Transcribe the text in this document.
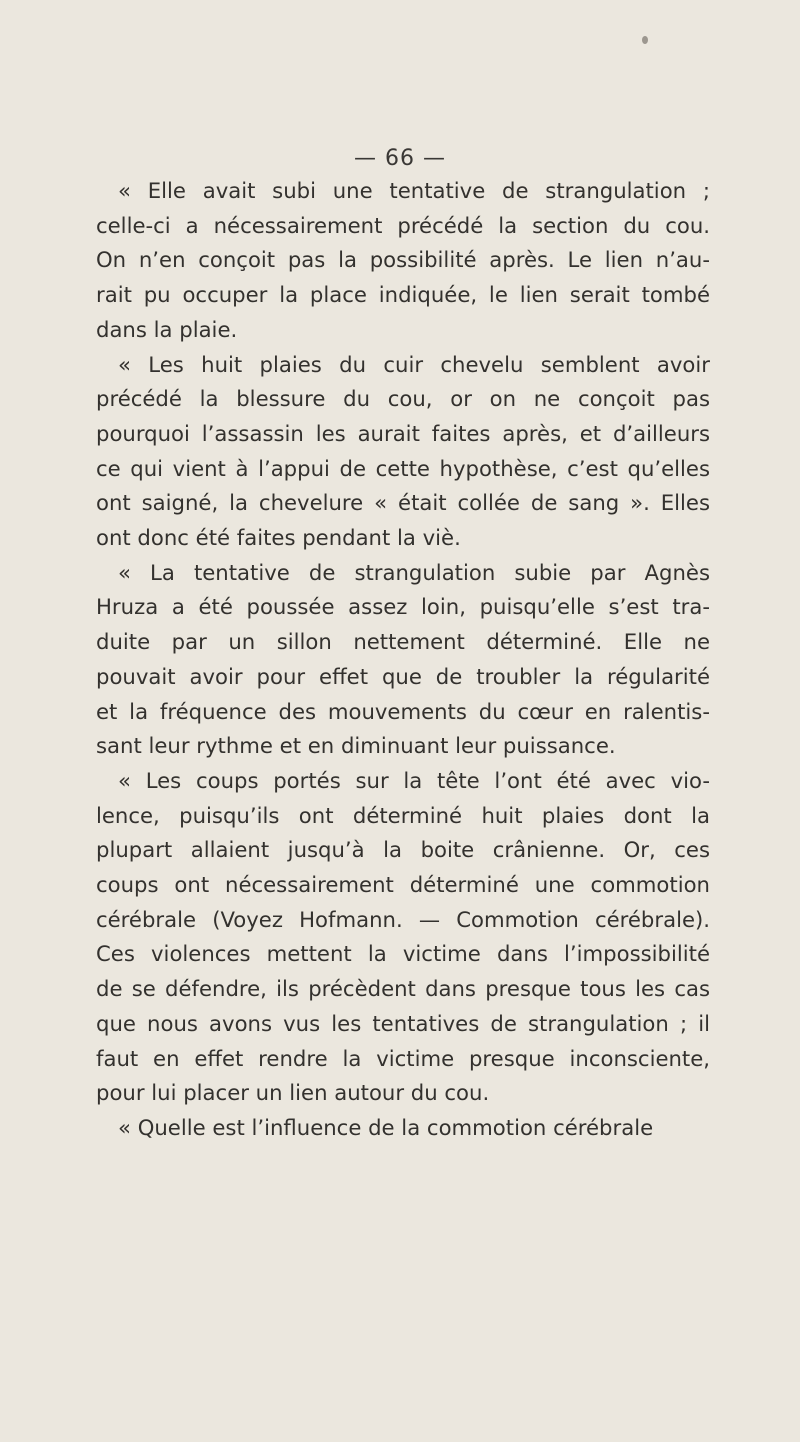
— 66 —
« Elle avait subi une tentative de strangulation ;
celle-ci a nécessairement précédé la section du cou.
On n’en conçoit pas la possibilité après. Le lien n’au-
rait pu occuper la place indiquée, le lien serait tombé
dans la plaie.
« Les huit plaies du cuir chevelu semblent avoir
précédé la blessure du cou, or on ne conçoit pas
pourquoi l’assassin les aurait faites après, et d’ailleurs
ce qui vient à l’appui de cette hypothèse, c’est qu’elles
ont saigné, la chevelure « était collée de sang ». Elles
ont donc été faites pendant la viè.
« La tentative de strangulation subie par Agnès
Hruza a été poussée assez loin, puisqu’elle s’est tra-
duite par un sillon nettement déterminé. Elle ne
pouvait avoir pour effet que de troubler la régularité
et la fréquence des mouvements du cœur en ralentis-
sant leur rythme et en diminuant leur puissance.
« Les coups portés sur la tête l’ont été avec vio-
lence, puisqu’ils ont déterminé huit plaies dont la
plupart allaient jusqu’à la boite crânienne. Or, ces
coups ont nécessairement déterminé une commotion
cérébrale (Voyez Hofmann. — Commotion cérébrale).
Ces violences mettent la victime dans l’impossibilité
de se défendre, ils précèdent dans presque tous les cas
que nous avons vus les tentatives de strangulation ; il
faut en effet rendre la victime presque inconsciente,
pour lui placer un lien autour du cou.
« Quelle est l’influence de la commotion cérébrale
